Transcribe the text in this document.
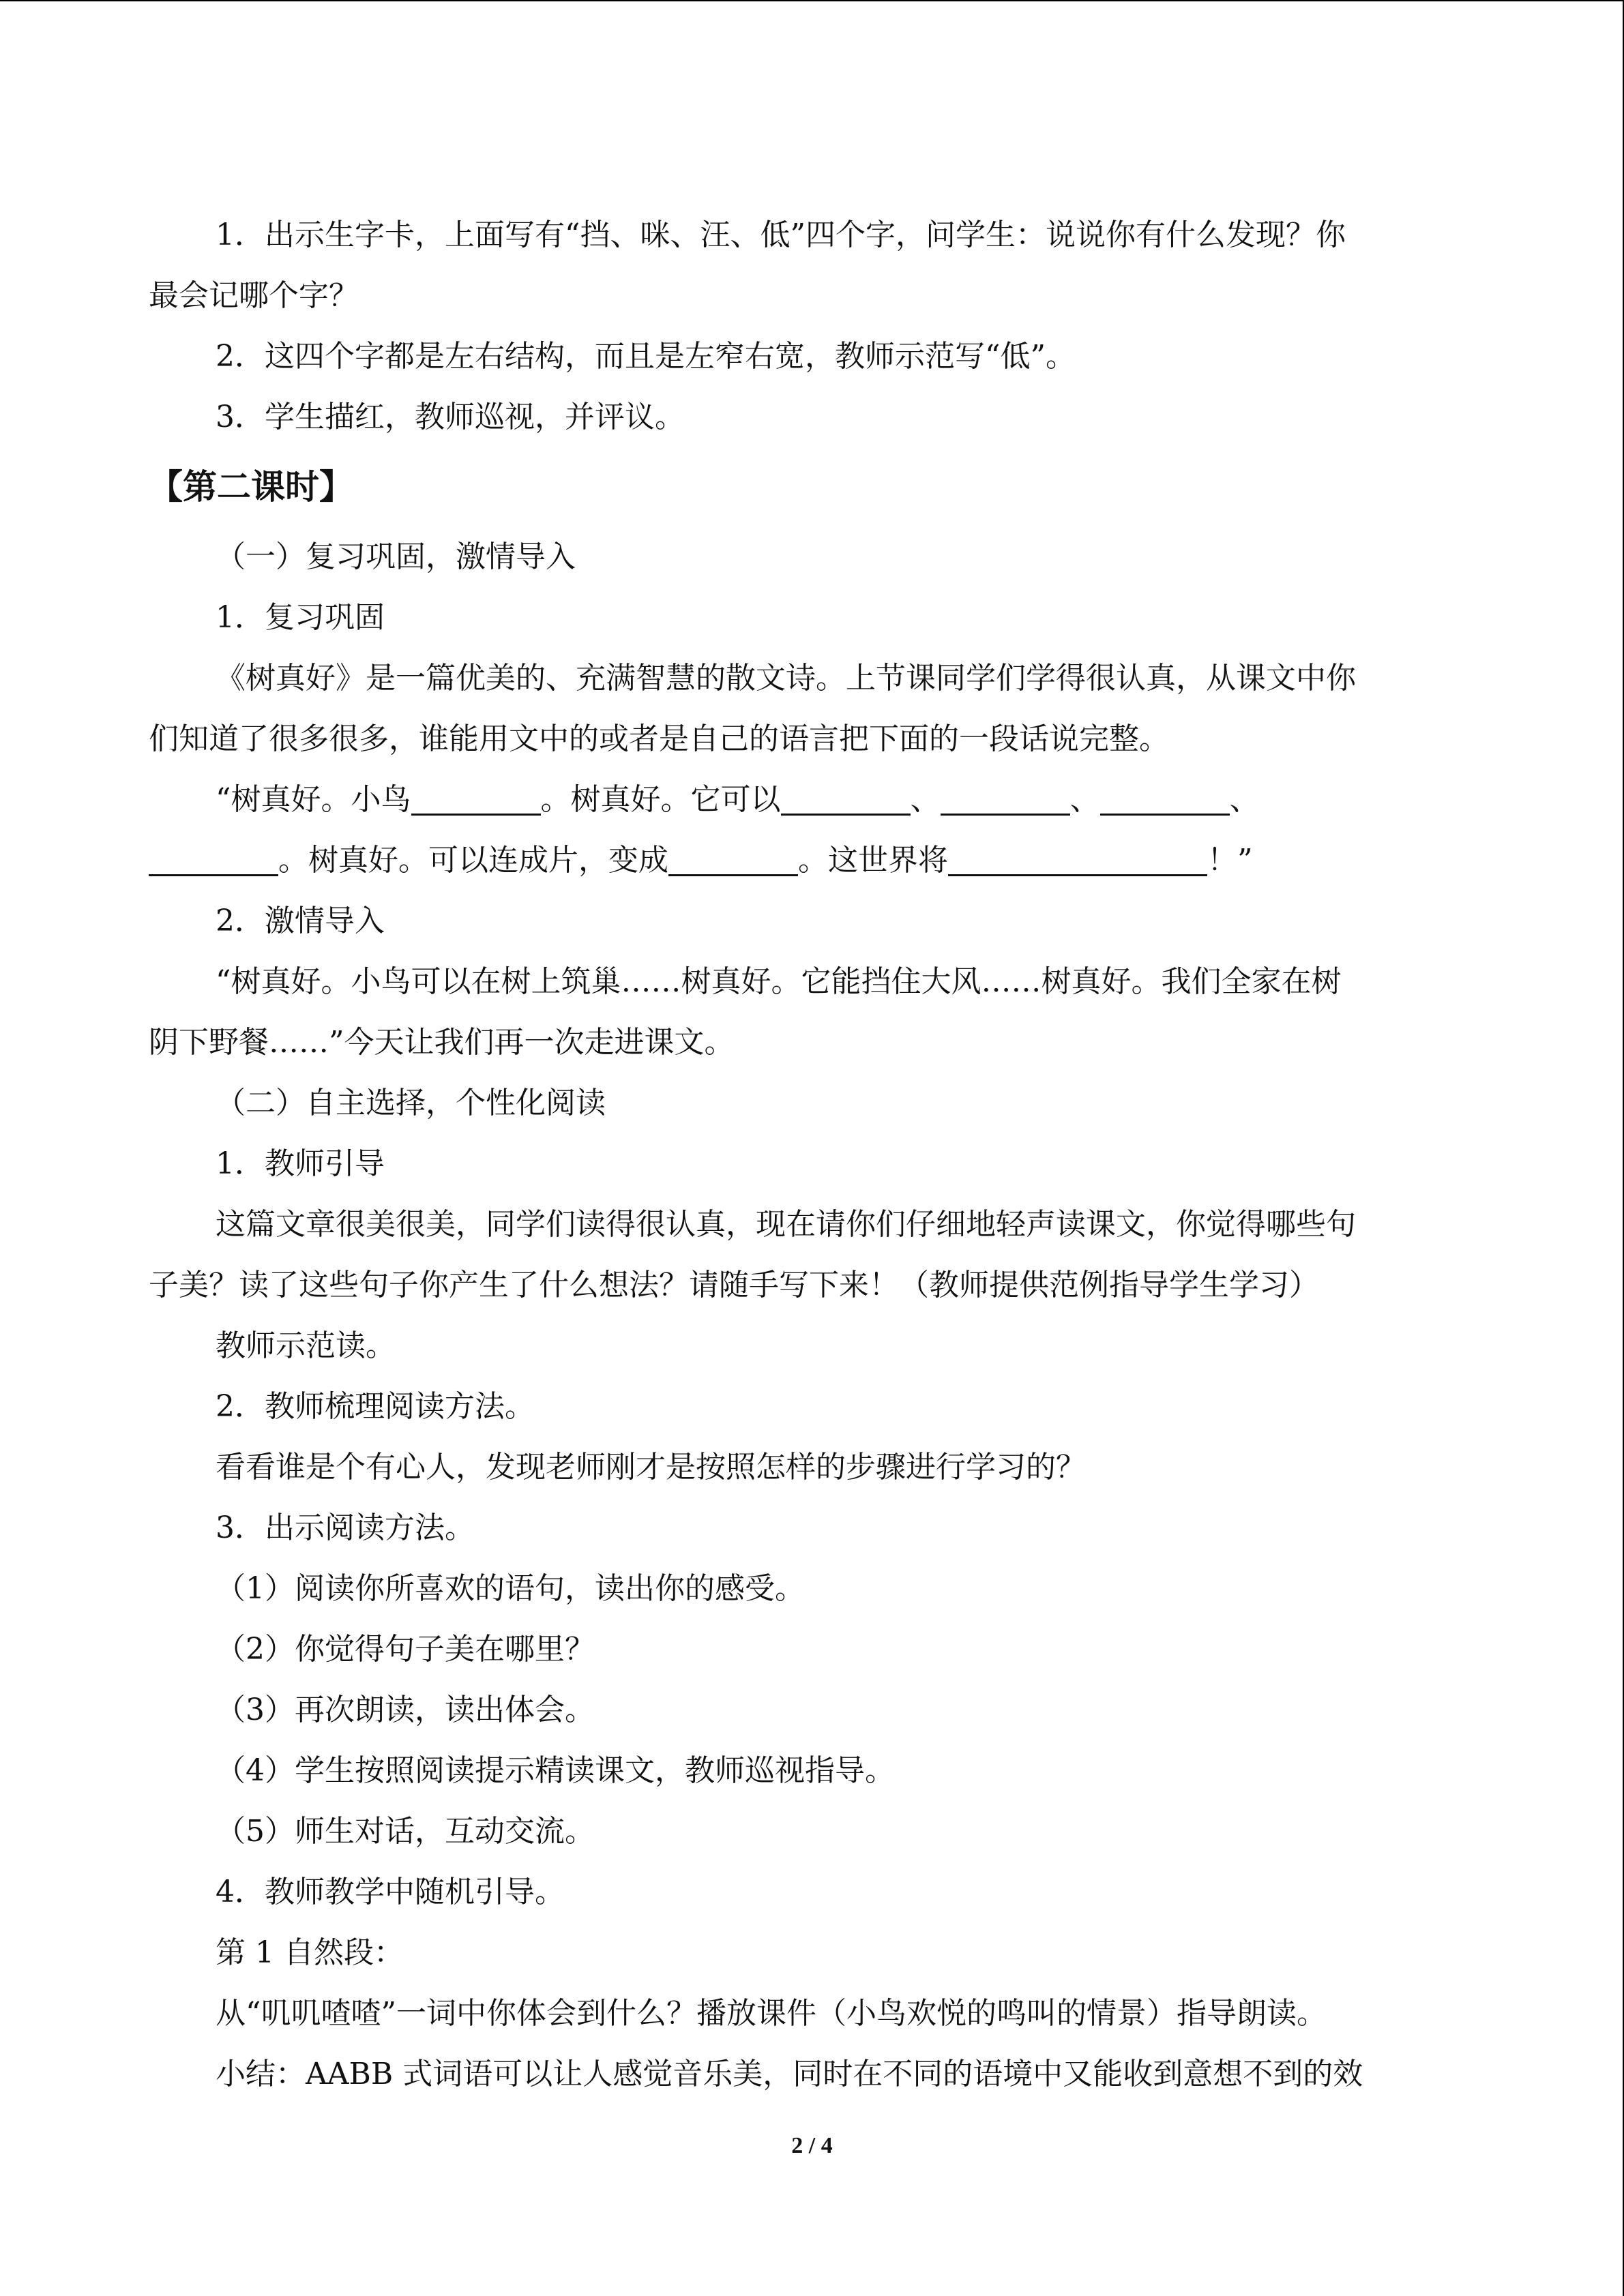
1．出示生字卡，上面写有“挡、咪、汪、低”四个字，问学生：说说你有什么发现？你

最会记哪个字？

2．这四个字都是左右结构，而且是左窄右宽，教师示范写“低”。

3．学生描红，教师巡视，并评议。

【第二课时】

（一）复习巩固，激情导入

1．复习巩固

《树真好》是一篇优美的、充满智慧的散文诗。上节课同学们学得很认真，从课文中你

们知道了很多很多，谁能用文中的或者是自己的语言把下面的一段话说完整。

“树真好。小鸟	。树真好。它可以	、	、	、

。树真好。可以连成片，变成	。这世界将	！”

2．激情导入

“树真好。小鸟可以在树上筑巢……树真好。它能挡住大风……树真好。我们全家在树

阴下野餐……”今天让我们再一次走进课文。

（二）自主选择，个性化阅读

1．教师引导

这篇文章很美很美，同学们读得很认真，现在请你们仔细地轻声读课文，你觉得哪些句

子美？读了这些句子你产生了什么想法？请随手写下来！（教师提供范例指导学生学习）

教师示范读。

2．教师梳理阅读方法。

看看谁是个有心人，发现老师刚才是按照怎样的步骤进行学习的？

3．出示阅读方法。

（1）阅读你所喜欢的语句，读出你的感受。

（2）你觉得句子美在哪里？

（3）再次朗读，读出体会。

（4）学生按照阅读提示精读课文，教师巡视指导。

（5）师生对话，互动交流。

4．教师教学中随机引导。

第 1 自然段：

从“叽叽喳喳”一词中你体会到什么？播放课件（小鸟欢悦的鸣叫的情景）指导朗读。

小结：AABB 式词语可以让人感觉音乐美，同时在不同的语境中又能收到意想不到的效

2 / 4
